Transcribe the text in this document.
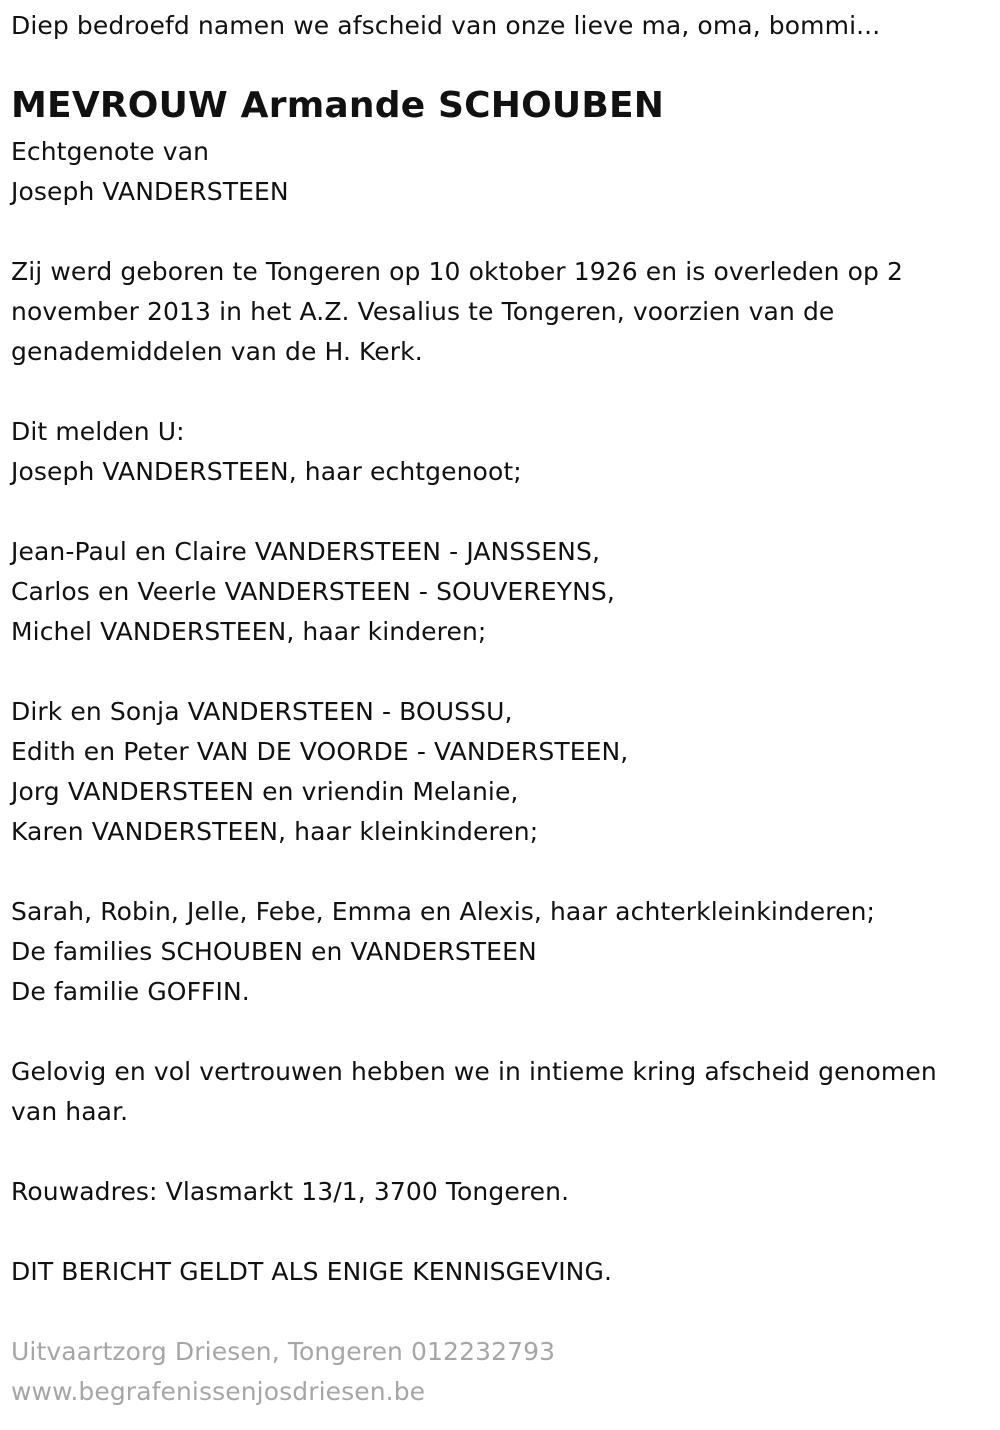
Diep bedroefd namen we afscheid van onze lieve ma, oma, bommi...
MEVROUW Armande SCHOUBEN
Echtgenote van
Joseph VANDERSTEEN
Zij werd geboren te Tongeren op 10 oktober 1926 en is overleden op 2
november 2013 in het A.Z. Vesalius te Tongeren, voorzien van de
genademiddelen van de H. Kerk.
Dit melden U:
Joseph VANDERSTEEN, haar echtgenoot;
Jean-Paul en Claire VANDERSTEEN - JANSSENS,
Carlos en Veerle VANDERSTEEN - SOUVEREYNS,
Michel VANDERSTEEN, haar kinderen;
Dirk en Sonja VANDERSTEEN - BOUSSU,
Edith en Peter VAN DE VOORDE - VANDERSTEEN,
Jorg VANDERSTEEN en vriendin Melanie,
Karen VANDERSTEEN, haar kleinkinderen;
Sarah, Robin, Jelle, Febe, Emma en Alexis, haar achterkleinkinderen;
De families SCHOUBEN en VANDERSTEEN
De familie GOFFIN.
Gelovig en vol vertrouwen hebben we in intieme kring afscheid genomen
van haar.
Rouwadres: Vlasmarkt 13/1, 3700 Tongeren.
DIT BERICHT GELDT ALS ENIGE KENNISGEVING.
Uitvaartzorg Driesen, Tongeren 012232793
www.begrafenissenjosdriesen.be
